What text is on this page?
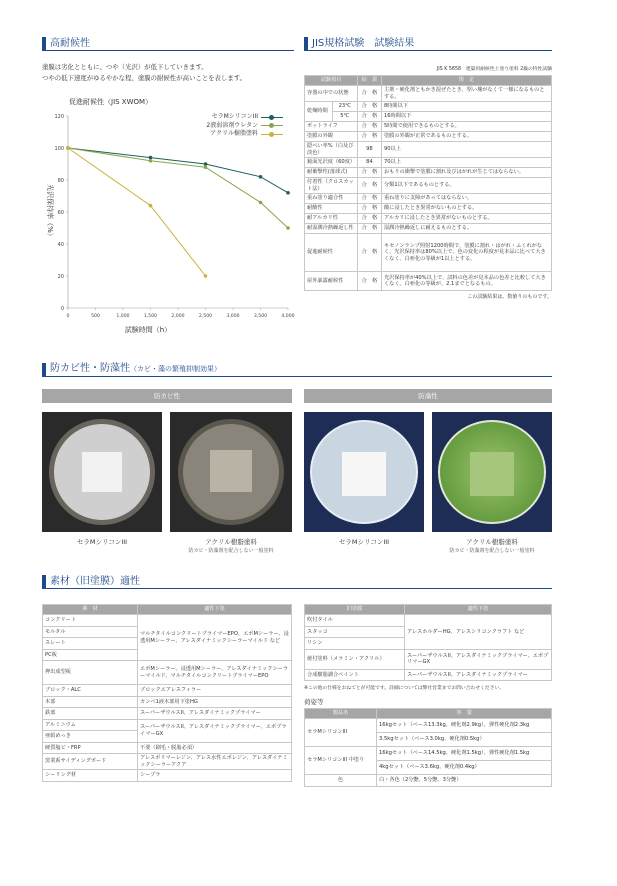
高耐候性
塗膜は劣化とともに、つや（光沢）が低下していきます。
つやの低下速度がゆるやかな程、塗膜の耐候性が高いことを表します。
促進耐候性（JIS XWOM）
0
20
40
60
80
100
120
0	500	1,000	1,500	2,000	2,500	3,000	3,500	4,000
試験時間（h）
光沢保持率（%）
セラMシリコンIII
2液弱溶剤ウレタン
アクリル樹脂塗料
JIS規格試験　試験結果
JIS K 5658　建築用耐候性上塗り塗料 2級の特性試験
試験項目		結　果	規　定
容器の中での状態		合　格	主剤・硬化剤ともかき混ぜたとき、堅い塊がなくて一様になるものとする。
乾燥時間	23℃	合　格	8時間以下
	5℃	合　格	16時間以下
ポットライフ		合　格	5時間で使用できるものとする。
塗膜の外観		合　格	塗膜の外観が正常であるものとする。
隠ぺい率%（白及び淡色）		98	90以上
鏡面光沢度（60度）		84	70以上
耐衝撃性(落球式)		合　格	おもりの衝撃で塗膜に割れ及びはがれが生じてはならない。
付着性（クロスカット法）		合　格	分類1以下であるものとする。
重ね塗り適合性		合　格	重ね塗りに支障があってはならない。
耐酸性		合　格	酸に浸したとき異常がないものとする。
耐アルカリ性		合　格	アルカリに浸したとき異常がないものとする。
耐湿潤冷熱繰返し性		合　格	湿潤冷熱繰返しに耐えるものとする。
促進耐候性		合　格	キセノンランプ照射1200時間で、塗膜に割れ・はがれ・ふくれがなく、光沢保持率は80%以上で、色の変化の程度が見本品に比べて大きくなく、白亜化の等級が1以上とする。
屋外暴露耐候性		合　格	光沢保持率が40%以上で、試料の色差が見本品の色差と比較して大きくなく、白亜化の等級が、2.1までとなるもの。
この試験結果は、数値りのものです。
防カビ性・防藻性（カビ・藻の繁殖抑制効果）
防カビ性	防藻性
セラMシリコンIII	アクリル樹脂塗料
防カビ・防藻剤を配合しない一般塗料
セラMシリコンIII	アクリル樹脂塗料
防カビ・防藻剤を配合しない一般塗料
素材（旧塗膜）適性
素　材	適性下塗
コンクリート	マルチタイルコンクリートプライマーEPO、エポMシーラー、浸透用Mシーラー、アレスダイナミックシーラーマイルド など
モルタル	
スレート	
PC板	
押出成型板	エポMシーラー、浸透用Mシーラー、アレスダイナミックシーラーマイルド、マルチタイルコンクリートプライマーEPO
ブロック・ALC	プロックエアレスフィラー
木部	カンペ1液木部用下塗HG
鉄部	スーパーザウルスII、アレスダイナミックプライマー
アルミニウム	スーパーザウルスII、アレスダイナミックプライマー、エポプライマーGX
亜鉛めっき	
硬質塩ビ・FRP	不要（刷毛・脱脂必須）
窯業系サイディングボード	アレスポリマーレジン、アレス水性エポレジン、アレスダイナミックシーラーアクア
シーリング材	シープラ
旧塗膜	適性下塗
吹付タイル	アレスホルダーHG、アレスシリコンクラフト など
スタッコ	
リシン	
焼付塗料（メラミン・アクリル）	スーパーザウルスII、アレスダイナミックプライマー、エポプリマーGX
合成樹脂調合ペイント	スーパーザウルスII、アレスダイナミックプライマー
※この他の仕様をおねてとが可能です。詳細については弊社営業までお問い合わせください。
荷姿等
製品名	容　量
セラMシリコンIII	16kgセット（ベース13.3kg、硬化剤2.9kg）、弾性硬化剤2.3kg
	3.5kgセット（ベース3.0kg、硬化剤0.5kg）
セラMシリコンIII 中塗り	16kgセット（ベース14.5kg、硬化剤1.5kg）、弾性硬化剤1.5kg
	4kgセット（ベース3.6kg、硬化剤0.4kg）
色	白・各色（2分艶、5分艶、3分艶）
